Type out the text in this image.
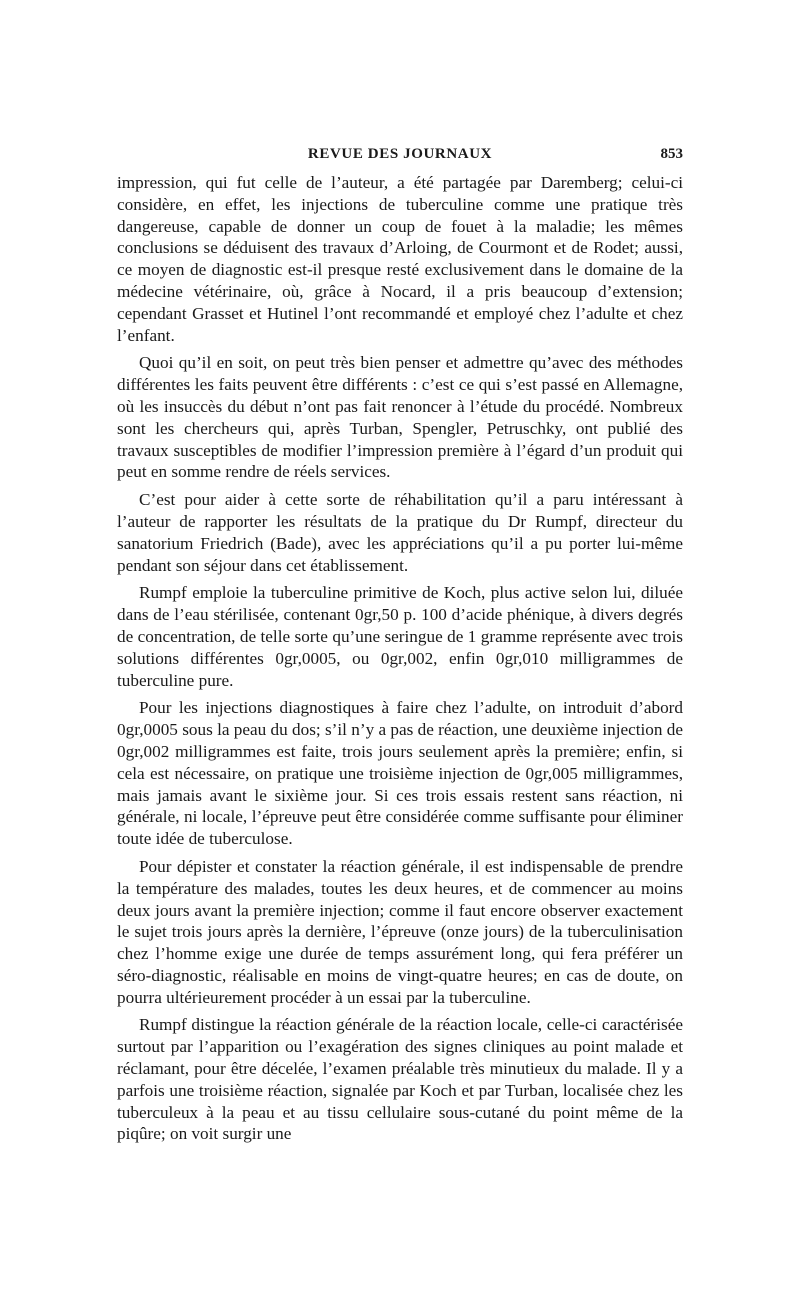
REVUE DES JOURNAUX	853

impression, qui fut celle de l’auteur, a été partagée par Daremberg; celui-ci considère, en effet, les injections de tuberculine comme une pratique très dangereuse, capable de donner un coup de fouet à la maladie; les mêmes conclusions se déduisent des travaux d’Arloing, de Courmont et de Rodet; aussi, ce moyen de diagnostic est-il presque resté exclusivement dans le domaine de la médecine vétérinaire, où, grâce à Nocard, il a pris beaucoup d’extension; cependant Grasset et Hutinel l’ont recommandé et employé chez l’adulte et chez l’enfant.

Quoi qu’il en soit, on peut très bien penser et admettre qu’avec des méthodes différentes les faits peuvent être différents : c’est ce qui s’est passé en Allemagne, où les insuccès du début n’ont pas fait renoncer à l’étude du procédé. Nombreux sont les chercheurs qui, après Turban, Spengler, Petruschky, ont publié des travaux susceptibles de modifier l’impression première à l’égard d’un produit qui peut en somme rendre de réels services.

C’est pour aider à cette sorte de réhabilitation qu’il a paru intéressant à l’auteur de rapporter les résultats de la pratique du Dr Rumpf, directeur du sanatorium Friedrich (Bade), avec les appréciations qu’il a pu porter lui-même pendant son séjour dans cet établissement.

Rumpf emploie la tuberculine primitive de Koch, plus active selon lui, diluée dans de l’eau stérilisée, contenant 0gr,50 p. 100 d’acide phénique, à divers degrés de concentration, de telle sorte qu’une seringue de 1 gramme représente avec trois solutions différentes 0gr,0005, ou 0gr,002, enfin 0gr,010 milligrammes de tuberculine pure.

Pour les injections diagnostiques à faire chez l’adulte, on introduit d’abord 0gr,0005 sous la peau du dos; s’il n’y a pas de réaction, une deuxième injection de 0gr,002 milligrammes est faite, trois jours seulement après la première; enfin, si cela est nécessaire, on pratique une troisième injection de 0gr,005 milligrammes, mais jamais avant le sixième jour. Si ces trois essais restent sans réaction, ni générale, ni locale, l’épreuve peut être considérée comme suffisante pour éliminer toute idée de tuberculose.

Pour dépister et constater la réaction générale, il est indispensable de prendre la température des malades, toutes les deux heures, et de commencer au moins deux jours avant la première injection; comme il faut encore observer exactement le sujet trois jours après la dernière, l’épreuve (onze jours) de la tuberculinisation chez l’homme exige une durée de temps assurément long, qui fera préférer un séro-diagnostic, réalisable en moins de vingt-quatre heures; en cas de doute, on pourra ultérieurement procéder à un essai par la tuberculine.

Rumpf distingue la réaction générale de la réaction locale, celle-ci caractérisée surtout par l’apparition ou l’exagération des signes cliniques au point malade et réclamant, pour être décelée, l’examen préalable très minutieux du malade. Il y a parfois une troisième réaction, signalée par Koch et par Turban, localisée chez les tuberculeux à la peau et au tissu cellulaire sous-cutané du point même de la piqûre; on voit surgir une
